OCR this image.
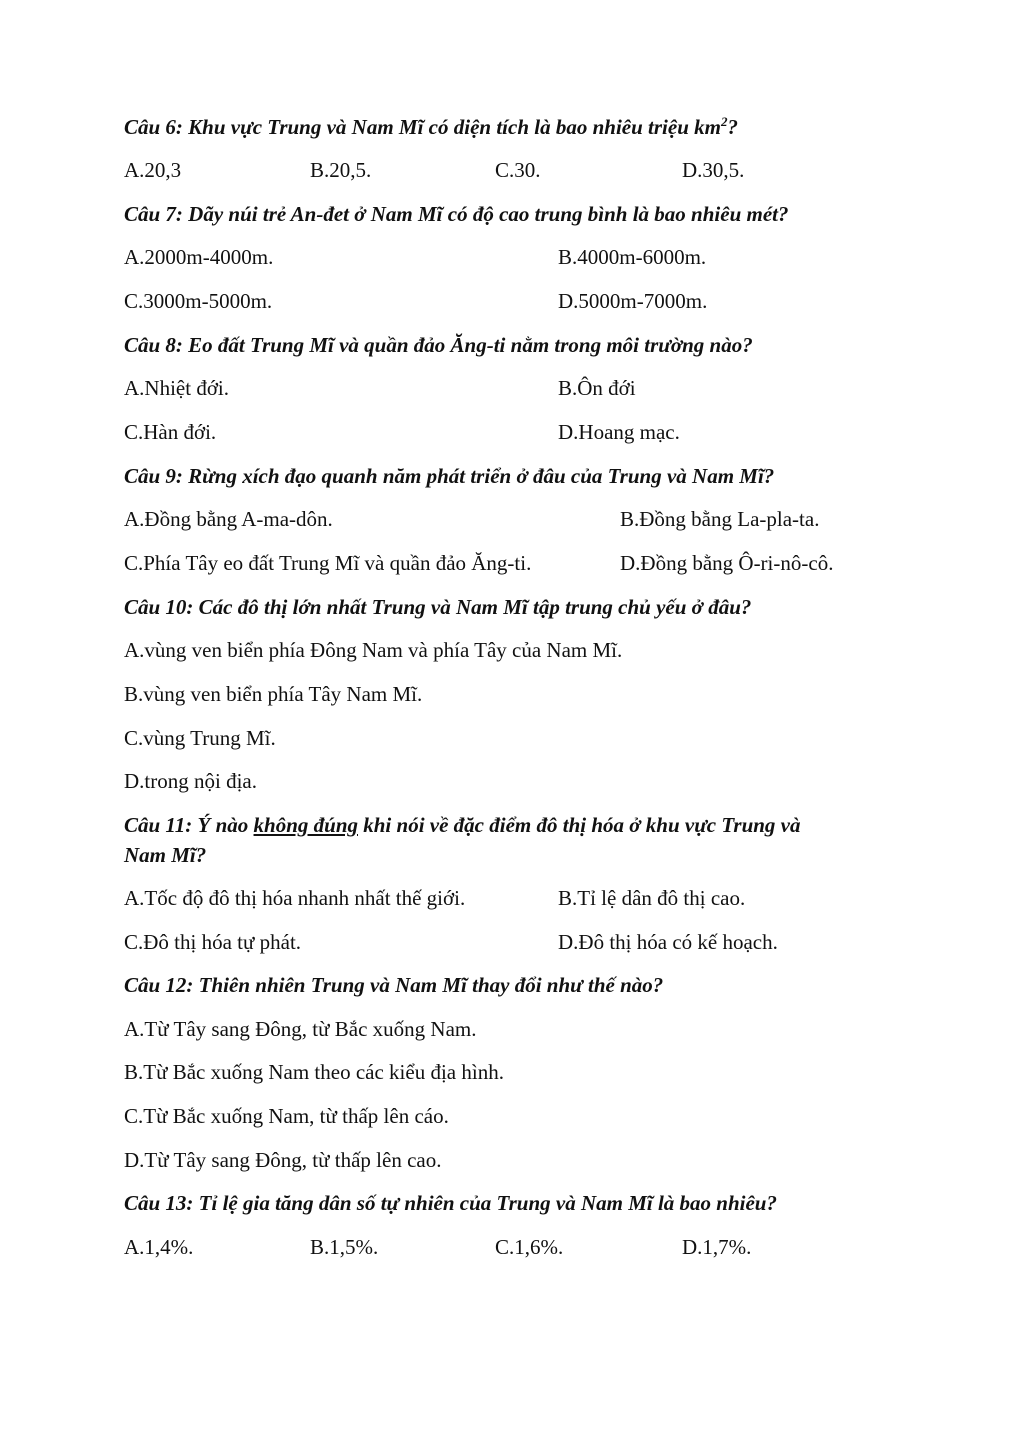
Câu 6: Khu vực Trung và Nam Mĩ có diện tích là bao nhiêu triệu $km^2$?
A.20,3	B.20,5.	C.30.	D.30,5.
Câu 7: Dãy núi trẻ An-đet ở Nam Mĩ có độ cao trung bình là bao nhiêu mét?
A.2000m-4000m.	B.4000m-6000m.
C.3000m-5000m.	D.5000m-7000m.
Câu 8: Eo đất Trung Mĩ và quần đảo Ăng-ti nằm trong môi trường nào?
A.Nhiệt đới.	B.Ôn đới
C.Hàn đới.	D.Hoang mạc.
Câu 9: Rừng xích đạo quanh năm phát triển ở đâu của Trung và Nam Mĩ?
A.Đồng bằng A-ma-dôn.	B.Đồng bằng La-pla-ta.
C.Phía Tây eo đất Trung Mĩ và quần đảo Ăng-ti.	D.Đồng bằng Ô-ri-nô-cô.
Câu 10: Các đô thị lớn nhất Trung và Nam Mĩ tập trung chủ yếu ở đâu?
A.vùng ven biển phía Đông Nam và phía Tây của Nam Mĩ.
B.vùng ven biển phía Tây Nam Mĩ.
C.vùng Trung Mĩ.
D.trong nội địa.
Câu 11: Ý nào không đúng khi nói về đặc điểm đô thị hóa ở khu vực Trung và
Nam Mĩ?
A.Tốc độ đô thị hóa nhanh nhất thế giới.	B.Tỉ lệ dân đô thị cao.
C.Đô thị hóa tự phát.	D.Đô thị hóa có kế hoạch.
Câu 12: Thiên nhiên Trung và Nam Mĩ thay đổi như thế nào?
A.Từ Tây sang Đông, từ Bắc xuống Nam.
B.Từ Bắc xuống Nam theo các kiểu địa hình.
C.Từ Bắc xuống Nam, từ thấp lên cáo.
D.Từ Tây sang Đông, từ thấp lên cao.
Câu 13: Tỉ lệ gia tăng dân số tự nhiên của Trung và Nam Mĩ là bao nhiêu?
A.1,4%.	B.1,5%.	C.1,6%.	D.1,7%.
